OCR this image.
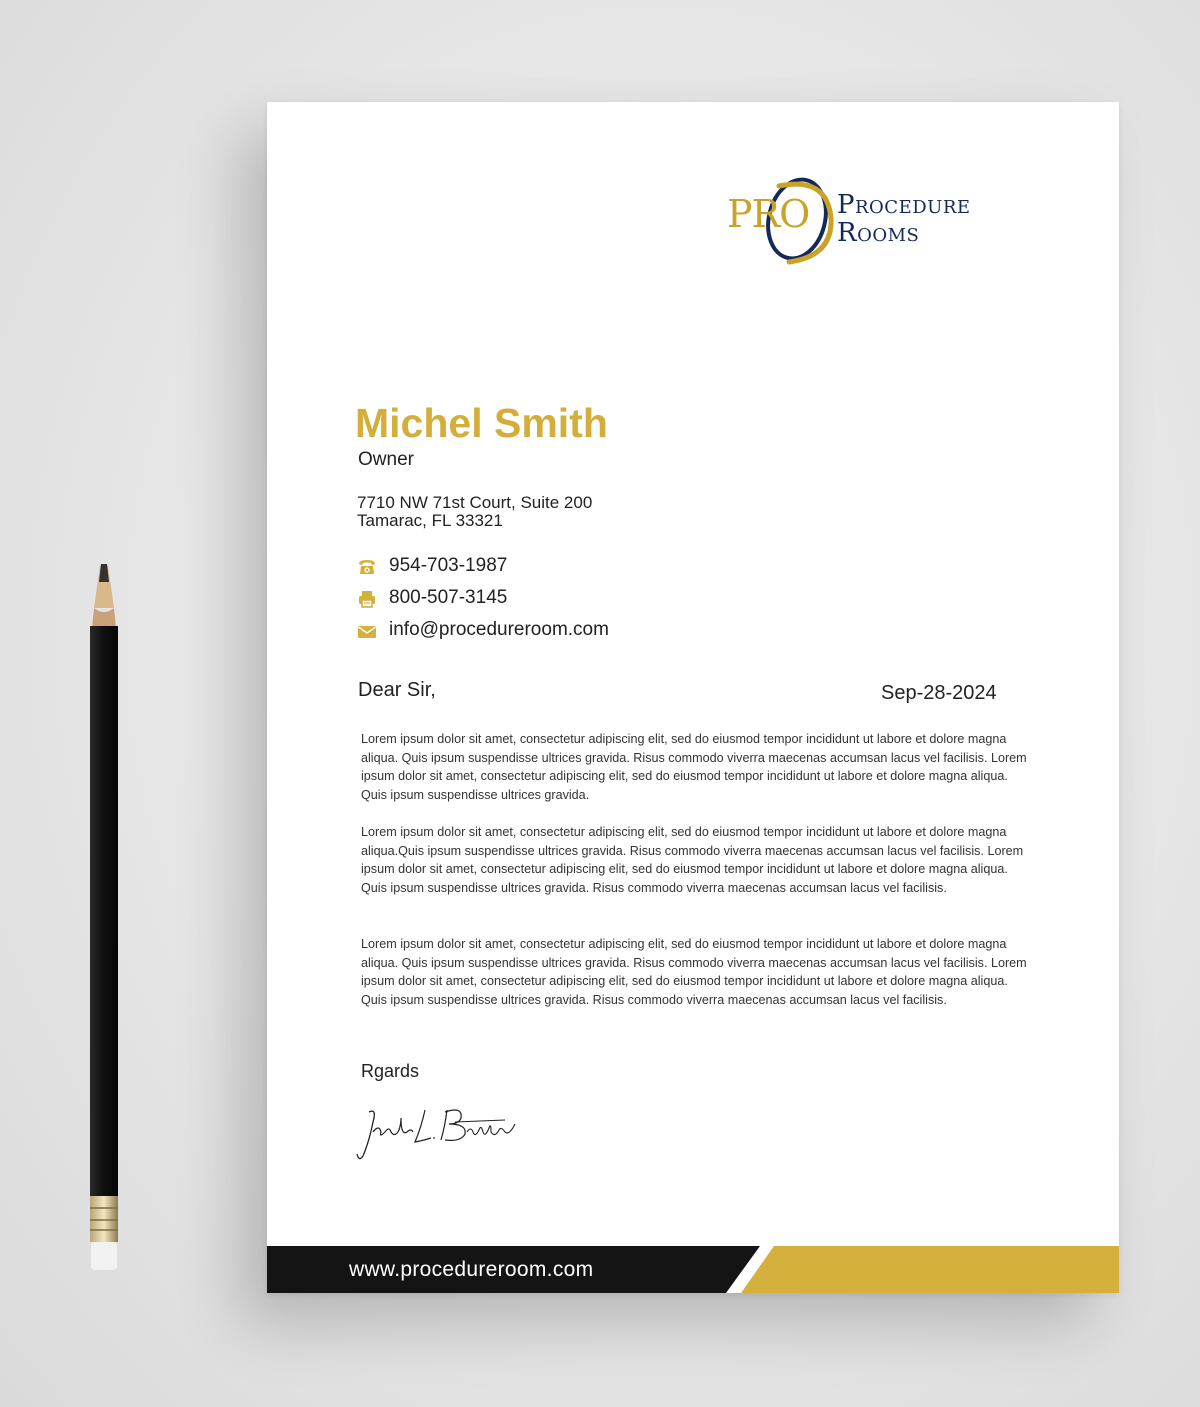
PRO Procedure
Rooms
Michel Smith
Owner
7710 NW 71st Court, Suite 200
Tamarac, FL 33321
954-703-1987
800-507-3145
info@procedureroom.com
Dear Sir,	Sep-28-2024

Lorem ipsum dolor sit amet, consectetur adipiscing elit, sed do eiusmod tempor incididunt ut labore et dolore magna aliqua. Quis ipsum suspendisse ultrices gravida. Risus commodo viverra maecenas accumsan lacus vel facilisis. Lorem ipsum dolor sit amet, consectetur adipiscing elit, sed do eiusmod tempor incididunt ut labore et dolore magna aliqua. Quis ipsum suspendisse ultrices gravida.

Lorem ipsum dolor sit amet, consectetur adipiscing elit, sed do eiusmod tempor incididunt ut labore et dolore magna aliqua.Quis ipsum suspendisse ultrices gravida. Risus commodo viverra maecenas accumsan lacus vel facilisis. Lorem ipsum dolor sit amet, consectetur adipiscing elit, sed do eiusmod tempor incididunt ut labore et dolore magna aliqua. Quis ipsum suspendisse ultrices gravida. Risus commodo viverra maecenas accumsan lacus vel facilisis.

Lorem ipsum dolor sit amet, consectetur adipiscing elit, sed do eiusmod tempor incididunt ut labore et dolore magna aliqua. Quis ipsum suspendisse ultrices gravida. Risus commodo viverra maecenas accumsan lacus vel facilisis. Lorem ipsum dolor sit amet, consectetur adipiscing elit, sed do eiusmod tempor incididunt ut labore et dolore magna aliqua. Quis ipsum suspendisse ultrices gravida. Risus commodo viverra maecenas accumsan lacus vel facilisis.

Rgards
www.procedureroom.com
